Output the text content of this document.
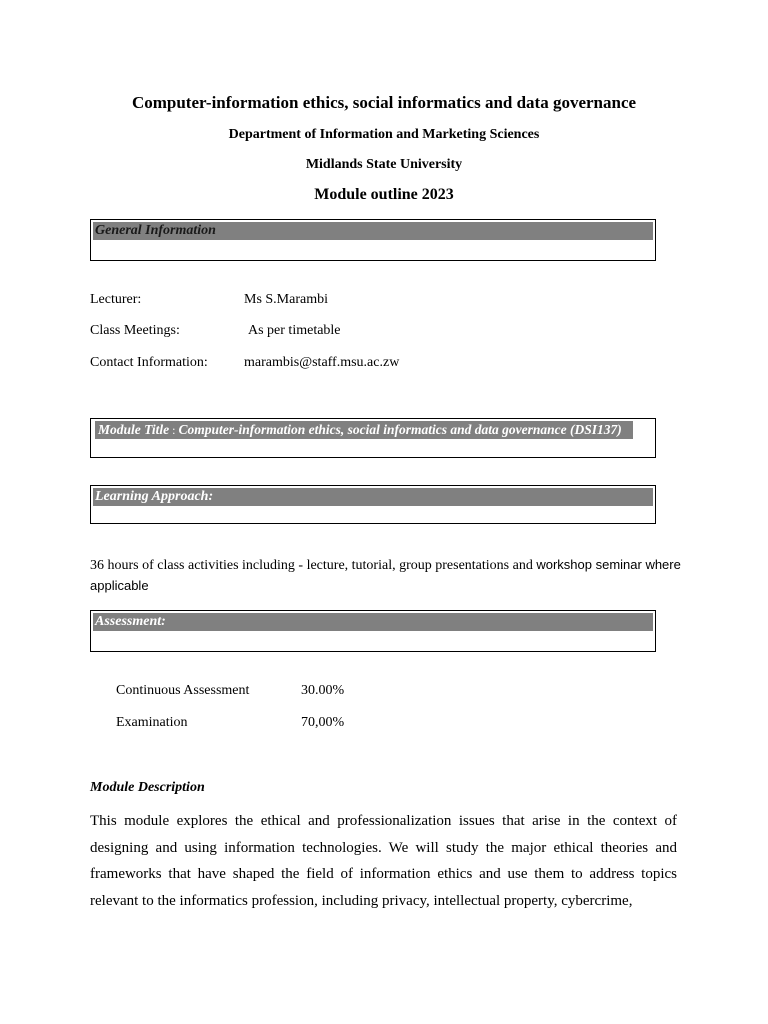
Computer-information ethics, social informatics and data governance
Department of Information and Marketing Sciences
Midlands State University
Module outline 2023
General Information
Lecturer:	Ms S.Marambi
Class Meetings:	As per timetable
Contact Information:	marambis@staff.msu.ac.zw
Module Title : Computer-information ethics, social informatics and data governance (DSI137)
Learning Approach:
36 hours of class activities including - lecture, tutorial, group presentations and workshop seminar where
applicable
Assessment:
Continuous Assessment	30.00%
Examination	70,00%
Module Description
This module explores the ethical and professionalization issues that arise in the context of designing and using information technologies. We will study the major ethical theories and frameworks that have shaped the field of information ethics and use them to address topics relevant to the informatics profession, including privacy, intellectual property, cybercrime,
